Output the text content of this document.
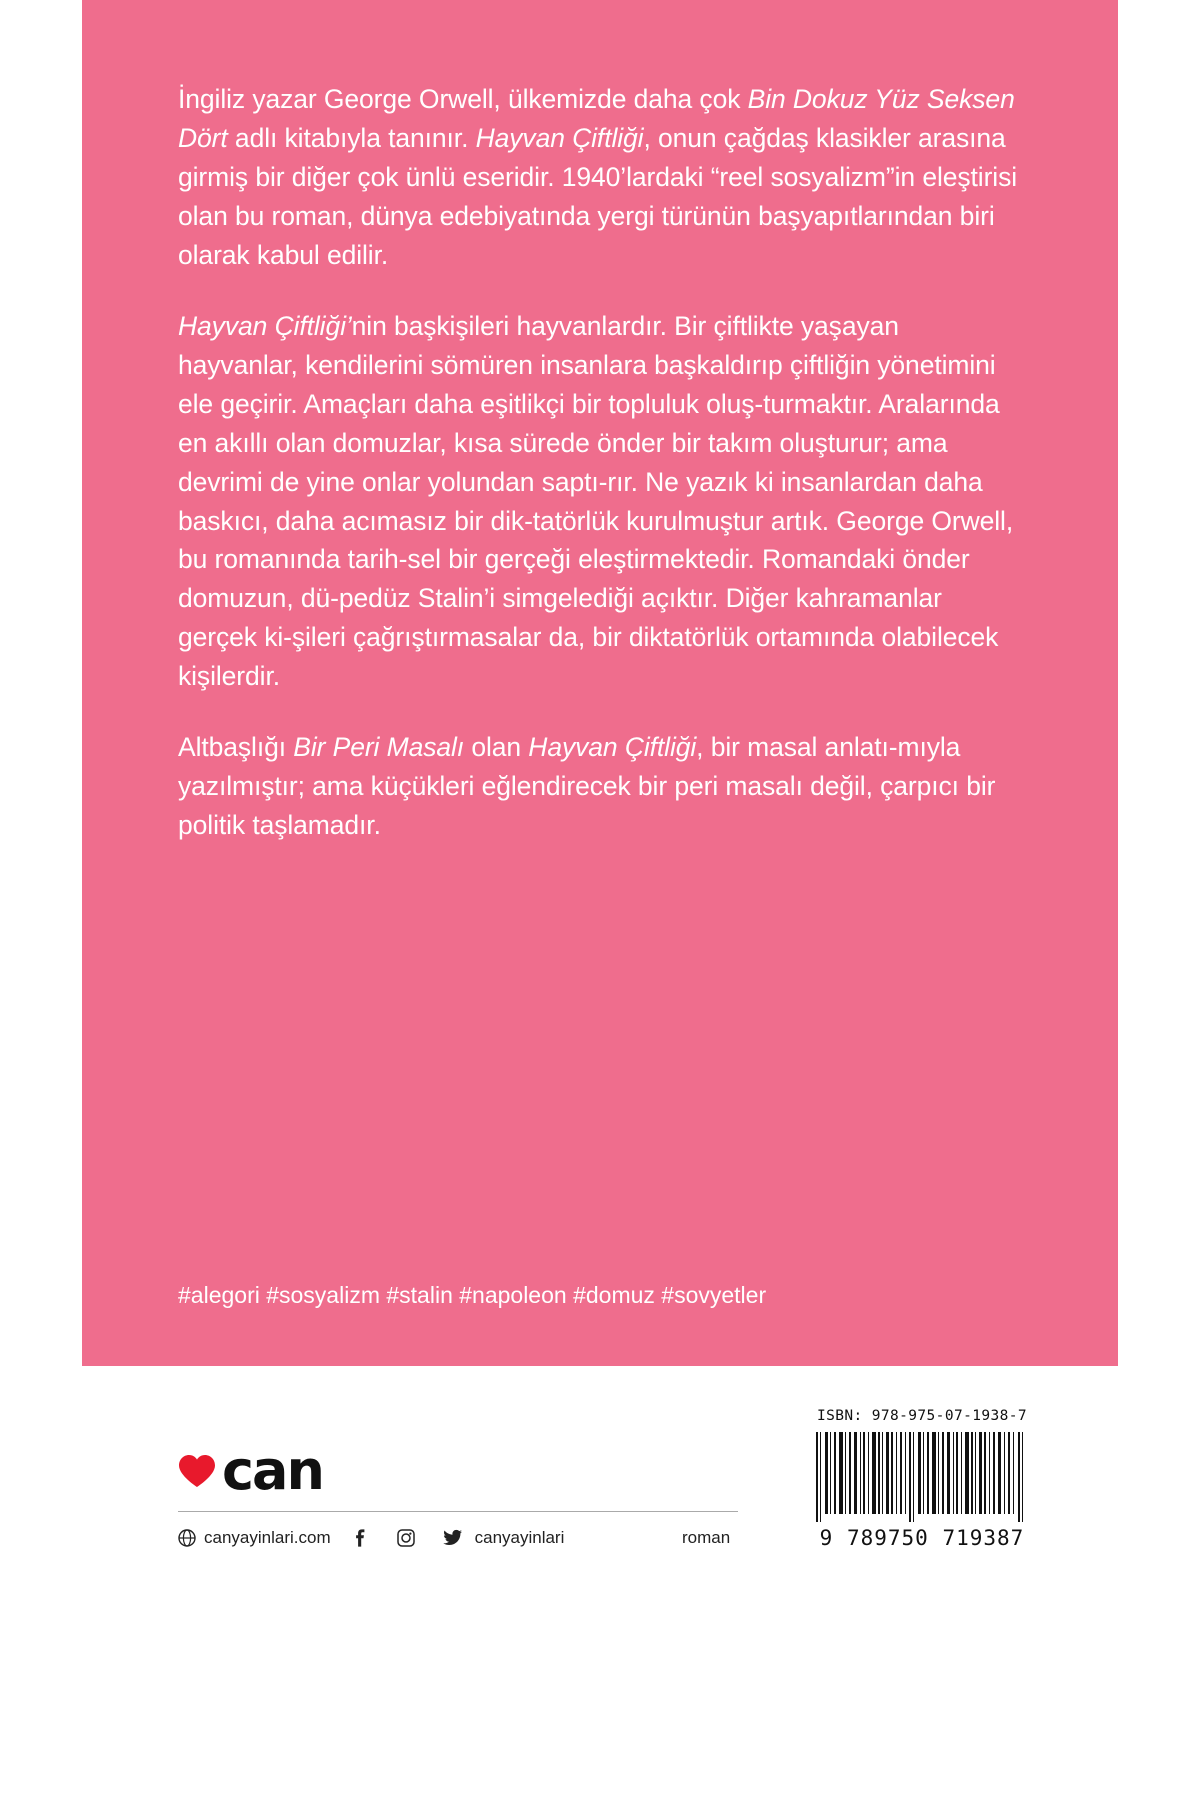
İngiliz yazar George Orwell, ülkemizde daha çok Bin Dokuz Yüz Seksen Dört adlı kitabıyla tanınır. Hayvan Çiftliği, onun çağdaş klasikler arasına girmiş bir diğer çok ünlü eseridir. 1940’lardaki “reel sosyalizm”in eleştirisi olan bu roman, dünya edebiyatında yergi türünün başyapıtlarından biri olarak kabul edilir.

Hayvan Çiftliği’nin başkişileri hayvanlardır. Bir çiftlikte yaşayan hayvanlar, kendilerini sömüren insanlara başkaldırıp çiftliğin yönetimini ele geçirir. Amaçları daha eşitlikçi bir topluluk oluş-turmaktır. Aralarında en akıllı olan domuzlar, kısa sürede önder bir takım oluşturur; ama devrimi de yine onlar yolundan saptı-rır. Ne yazık ki insanlardan daha baskıcı, daha acımasız bir dik-tatörlük kurulmuştur artık. George Orwell, bu romanında tarih-sel bir gerçeği eleştirmektedir. Romandaki önder domuzun, dü-pedüz Stalin’i simgelediği açıktır. Diğer kahramanlar gerçek ki-şileri çağrıştırmasalar da, bir diktatörlük ortamında olabilecek kişilerdir.

Altbaşlığı Bir Peri Masalı olan Hayvan Çiftliği, bir masal anlatı-mıyla yazılmıştır; ama küçükleri eğlendirecek bir peri masalı değil, çarpıcı bir politik taşlamadır.

#alegori #sosyalizm #stalin #napoleon #domuz #sovyetler
can
canyayinlari.com	canyayinlari	roman
ISBN: 978-975-07-1938-7
9 789750 719387
